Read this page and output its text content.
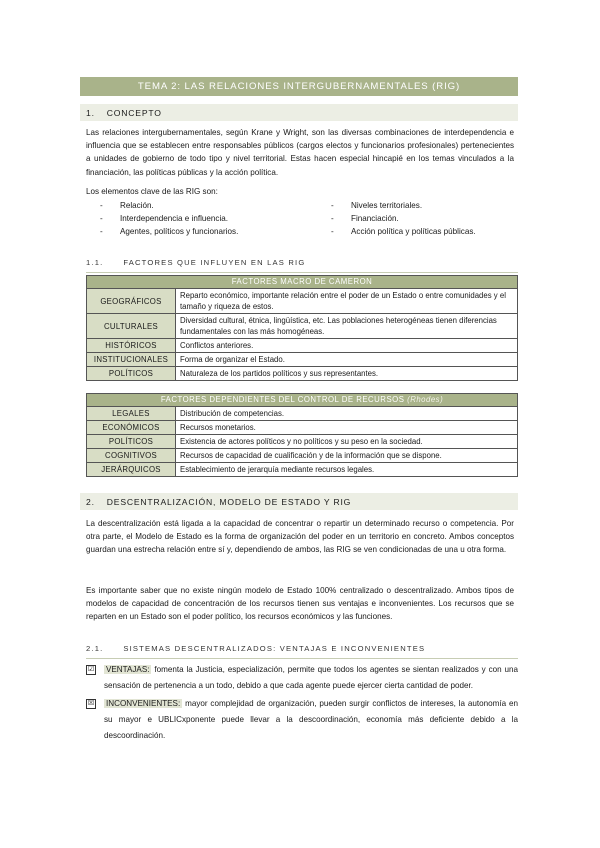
TEMA 2: LAS RELACIONES INTERGUBERNAMENTALES (RIG)
1. CONCEPTO

Las relaciones intergubernamentales, según Krane y Wright, son las diversas combinaciones de interdependencia e influencia que se establecen entre responsables públicos (cargos electos y funcionarios profesionales) pertenecientes a unidades de gobierno de todo tipo y nivel territorial. Estas hacen especial hincapié en los temas vinculados a la financiación, las políticas públicas y la acción política.

Los elementos clave de las RIG son:

- Relación.
- Interdependencia e influencia.
- Agentes, políticos y funcionarios.
- Niveles territoriales.
- Financiación.
- Acción política y políticas públicas.
1.1.	FACTORES QUE INFLUYEN EN LAS RIG
FACTORES MACRO DE CAMERON	
GEOGRÁFICOS	Reparto económico, importante relación entre el poder de un Estado o entre comunidades y el tamaño y riqueza de estos.
CULTURALES	Diversidad cultural, étnica, lingüística, etc. Las poblaciones heterogéneas tienen diferencias fundamentales con las más homogéneas.
HISTÓRICOS	Conflictos anteriores.
INSTITUCIONALES	Forma de organizar el Estado.
POLÍTICOS	Naturaleza de los partidos políticos y sus representantes.
FACTORES DEPENDIENTES DEL CONTROL DE RECURSOS (Rhodes)	
LEGALES	Distribución de competencias.
ECONÓMICOS	Recursos monetarios.
POLÍTICOS	Existencia de actores políticos y no políticos y su peso en la sociedad.
COGNITIVOS	Recursos de capacidad de cualificación y de la información que se dispone.
JERÁRQUICOS	Establecimiento de jerarquía mediante recursos legales.
2. DESCENTRALIZACIÓN, MODELO DE ESTADO Y RIG

La descentralización está ligada a la capacidad de concentrar o repartir un determinado recurso o competencia. Por otra parte, el Modelo de Estado es la forma de organización del poder en un territorio en concreto. Ambos conceptos guardan una estrecha relación entre sí y, dependiendo de ambos, las RIG se ven condicionadas de una u otra forma.

Es importante saber que no existe ningún modelo de Estado 100% centralizado o descentralizado. Ambos tipos de modelos de capacidad de concentración de los recursos tienen sus ventajas e inconvenientes. Los recursos que se reparten en un Estado son el poder político, los recursos económicos y las funciones.

2.1.	SISTEMAS DESCENTRALIZADOS: VENTAJAS E INCONVENIENTES
☑ VENTAJAS: fomenta la Justicia, especialización, permite que todos los agentes se sientan realizados y con una sensación de pertenencia a un todo, debido a que cada agente puede ejercer cierta cantidad de poder.
☒ INCONVENIENTES: mayor complejidad de organización, pueden surgir conflictos de intereses, la autonomía en su mayor e UBLICxponente puede llevar a la descoordinación, economía más deficiente debido a la descoordinación.
